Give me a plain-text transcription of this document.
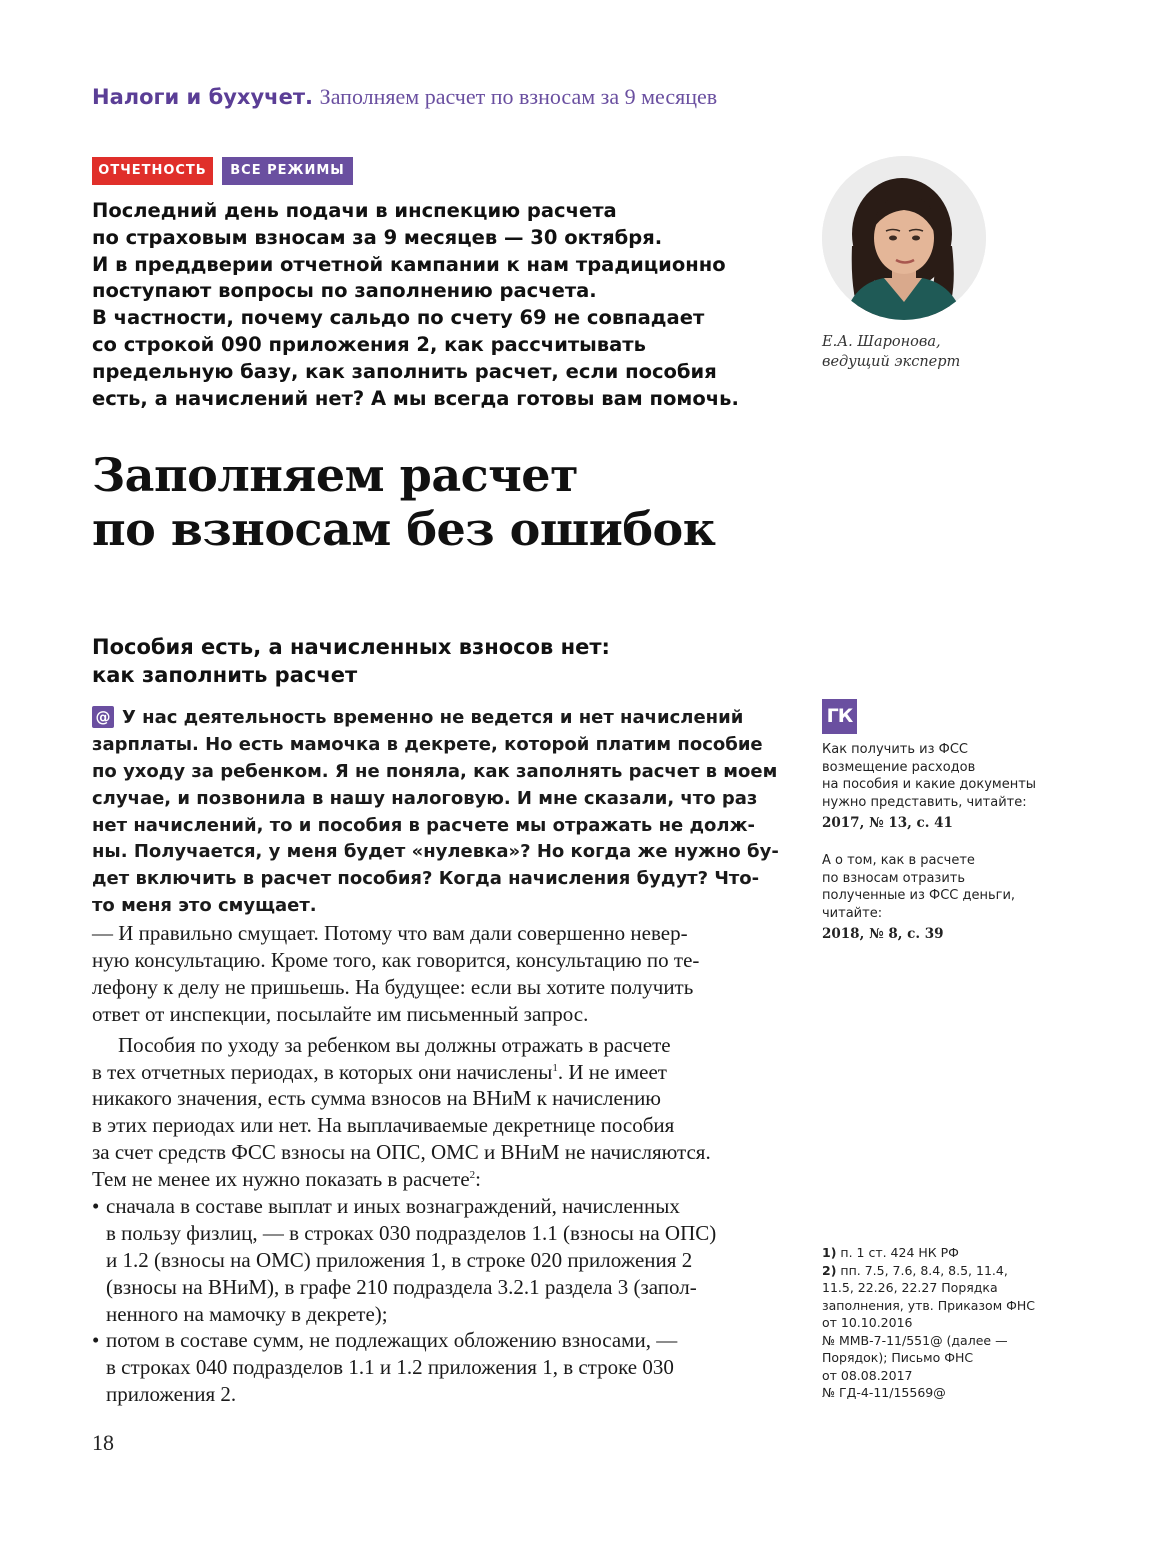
Налоги и бухучет. Заполняем расчет по взносам за 9 месяцев
ОТЧЕТНОСТЬ	ВСЕ РЕЖИМЫ
Последний день подачи в инспекцию расчета
по страховым взносам за 9 месяцев — 30 октября.
И в преддверии отчетной кампании к нам традиционно
поступают вопросы по заполнению расчета.
В частности, почему сальдо по счету 69 не совпадает
со строкой 090 приложения 2, как рассчитывать
предельную базу, как заполнить расчет, если пособия
есть, а начислений нет? А мы всегда готовы вам помочь.
Е.А. Шаронова,
ведущий эксперт
Заполняем расчет
по взносам без ошибок
Пособия есть, а начисленных взносов нет:
как заполнить расчет
@ У нас деятельность временно не ведется и нет начислений
зарплаты. Но есть мамочка в декрете, которой платим пособие
по уходу за ребенком. Я не поняла, как заполнять расчет в моем
случае, и позвонила в нашу налоговую. И мне сказали, что раз
нет начислений, то и пособия в расчете мы отражать не долж-
ны. Получается, у меня будет «нулевка»? Но когда же нужно бу-
дет включить в расчет пособия? Когда начисления будут? Что-
то меня это смущает.
— И правильно смущает. Потому что вам дали совершенно невер-
ную консультацию. Кроме того, как говорится, консультацию по те-
лефону к делу не пришьешь. На будущее: если вы хотите получить
ответ от инспекции, посылайте им письменный запрос.
Пособия по уходу за ребенком вы должны отражать в расчете
в тех отчетных периодах, в которых они начислены$^1$. И не имеет
никакого значения, есть сумма взносов на ВНиМ к начислению
в этих периодах или нет. На выплачиваемые декретнице пособия
за счет средств ФСС взносы на ОПС, ОМС и ВНиМ не начисляются.
Тем не менее их нужно показать в расчете$^2$:
• сначала в составе выплат и иных вознаграждений, начисленных
в пользу физлиц, — в строках 030 подразделов 1.1 (взносы на ОПС)
и 1.2 (взносы на ОМС) приложения 1, в строке 020 приложения 2
(взносы на ВНиМ), в графе 210 подраздела 3.2.1 раздела 3 (запол-
ненного на мамочку в декрете);
• потом в составе сумм, не подлежащих обложению взносами, —
в строках 040 подразделов 1.1 и 1.2 приложения 1, в строке 030
приложения 2.
ГК
Как получить из ФСС
возмещение расходов
на пособия и какие документы
нужно представить, читайте:
2017, № 13, с. 41
А о том, как в расчете
по взносам отразить
полученные из ФСС деньги,
читайте:
2018, № 8, с. 39
1) п. 1 ст. 424 НК РФ
2) пп. 7.5, 7.6, 8.4, 8.5, 11.4,
11.5, 22.26, 22.27 Порядка
заполнения, утв. Приказом ФНС
от 10.10.2016
№ ММВ-7-11/551@ (далее —
Порядок); Письмо ФНС
от 08.08.2017
№ ГД-4-11/15569@
18
